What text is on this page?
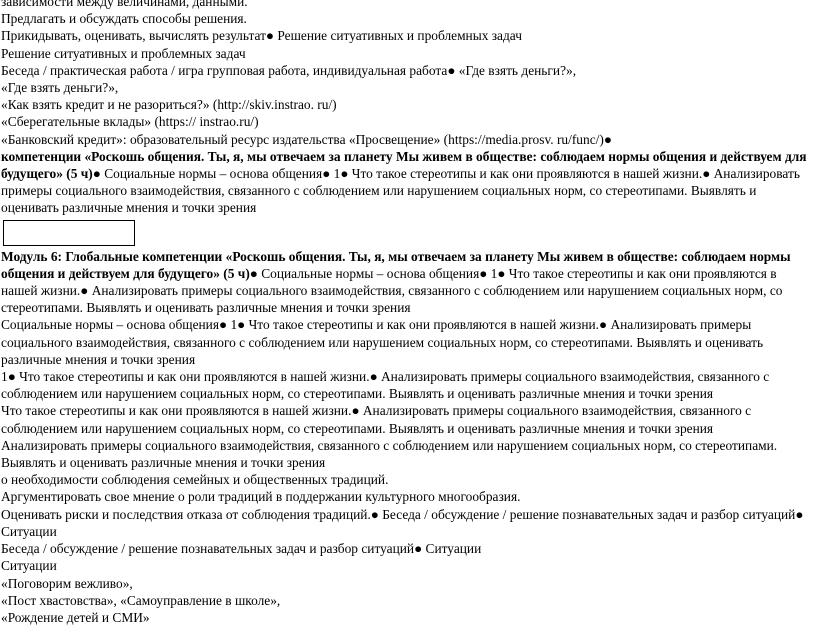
зависимости между величинами, данными.
Предлагать и обсуждать способы решения.
Прикидывать, оценивать, вычислять результат● Решение ситуативных и проблемных задач
Решение ситуативных и проблемных задач
Беседа / практическая работа / игра групповая работа, индивидуальная работа● «Где взять деньги?»,
«Где взять деньги?»,
«Как взять кредит и не разориться?» (http://skiv.instrao. ru/)
«Сберегательные вклады» (https:// instrao.ru/)
«Банковский кредит»: образовательный ресурс издательства «Просвещение» (https://media.prosv. ru/func/)●
компетенции «Роскошь общения. Ты, я, мы отвечаем за планету Мы живем в обществе: соблюдаем нормы общения и действуем для будущего» (5 ч)● Социальные нормы – основа общения● 1● Что такое стереотипы и как они проявляются в нашей жизни.● Анализировать примеры социального взаимодействия, связанного с соблюдением или нарушением социальных норм, со стереотипами. Выявлять и оценивать различные мнения и точки зрения
Модуль 6: Глобальные компетенции «Роскошь общения. Ты, я, мы отвечаем за планету Мы живем в обществе: соблюдаем нормы общения и действуем для будущего» (5 ч)● Социальные нормы – основа общения● 1● Что такое стереотипы и как они проявляются в нашей жизни.● Анализировать примеры социального взаимодействия, связанного с соблюдением или нарушением социальных норм, со стереотипами. Выявлять и оценивать различные мнения и точки зрения
Социальные нормы – основа общения● 1● Что такое стереотипы и как они проявляются в нашей жизни.● Анализировать примеры социального взаимодействия, связанного с соблюдением или нарушением социальных норм, со стереотипами. Выявлять и оценивать различные мнения и точки зрения
1● Что такое стереотипы и как они проявляются в нашей жизни.● Анализировать примеры социального взаимодействия, связанного с соблюдением или нарушением социальных норм, со стереотипами. Выявлять и оценивать различные мнения и точки зрения
Что такое стереотипы и как они проявляются в нашей жизни.● Анализировать примеры социального взаимодействия, связанного с соблюдением или нарушением социальных норм, со стереотипами. Выявлять и оценивать различные мнения и точки зрения
Анализировать примеры социального взаимодействия, связанного с соблюдением или нарушением социальных норм, со стереотипами. Выявлять и оценивать различные мнения и точки зрения
о необходимости соблюдения семейных и общественных традиций.
Аргументировать свое мнение о роли традиций в поддержании культурного многообразия.
Оценивать риски и последствия отказа от соблюдения традиций.● Беседа / обсуждение / решение познавательных задач и разбор ситуаций● Ситуации
Беседа / обсуждение / решение познавательных задач и разбор ситуаций● Ситуации
Ситуации
«Поговорим вежливо»,
«Пост хвастовства», «Самоуправление в школе»,
«Рождение детей и СМИ»
